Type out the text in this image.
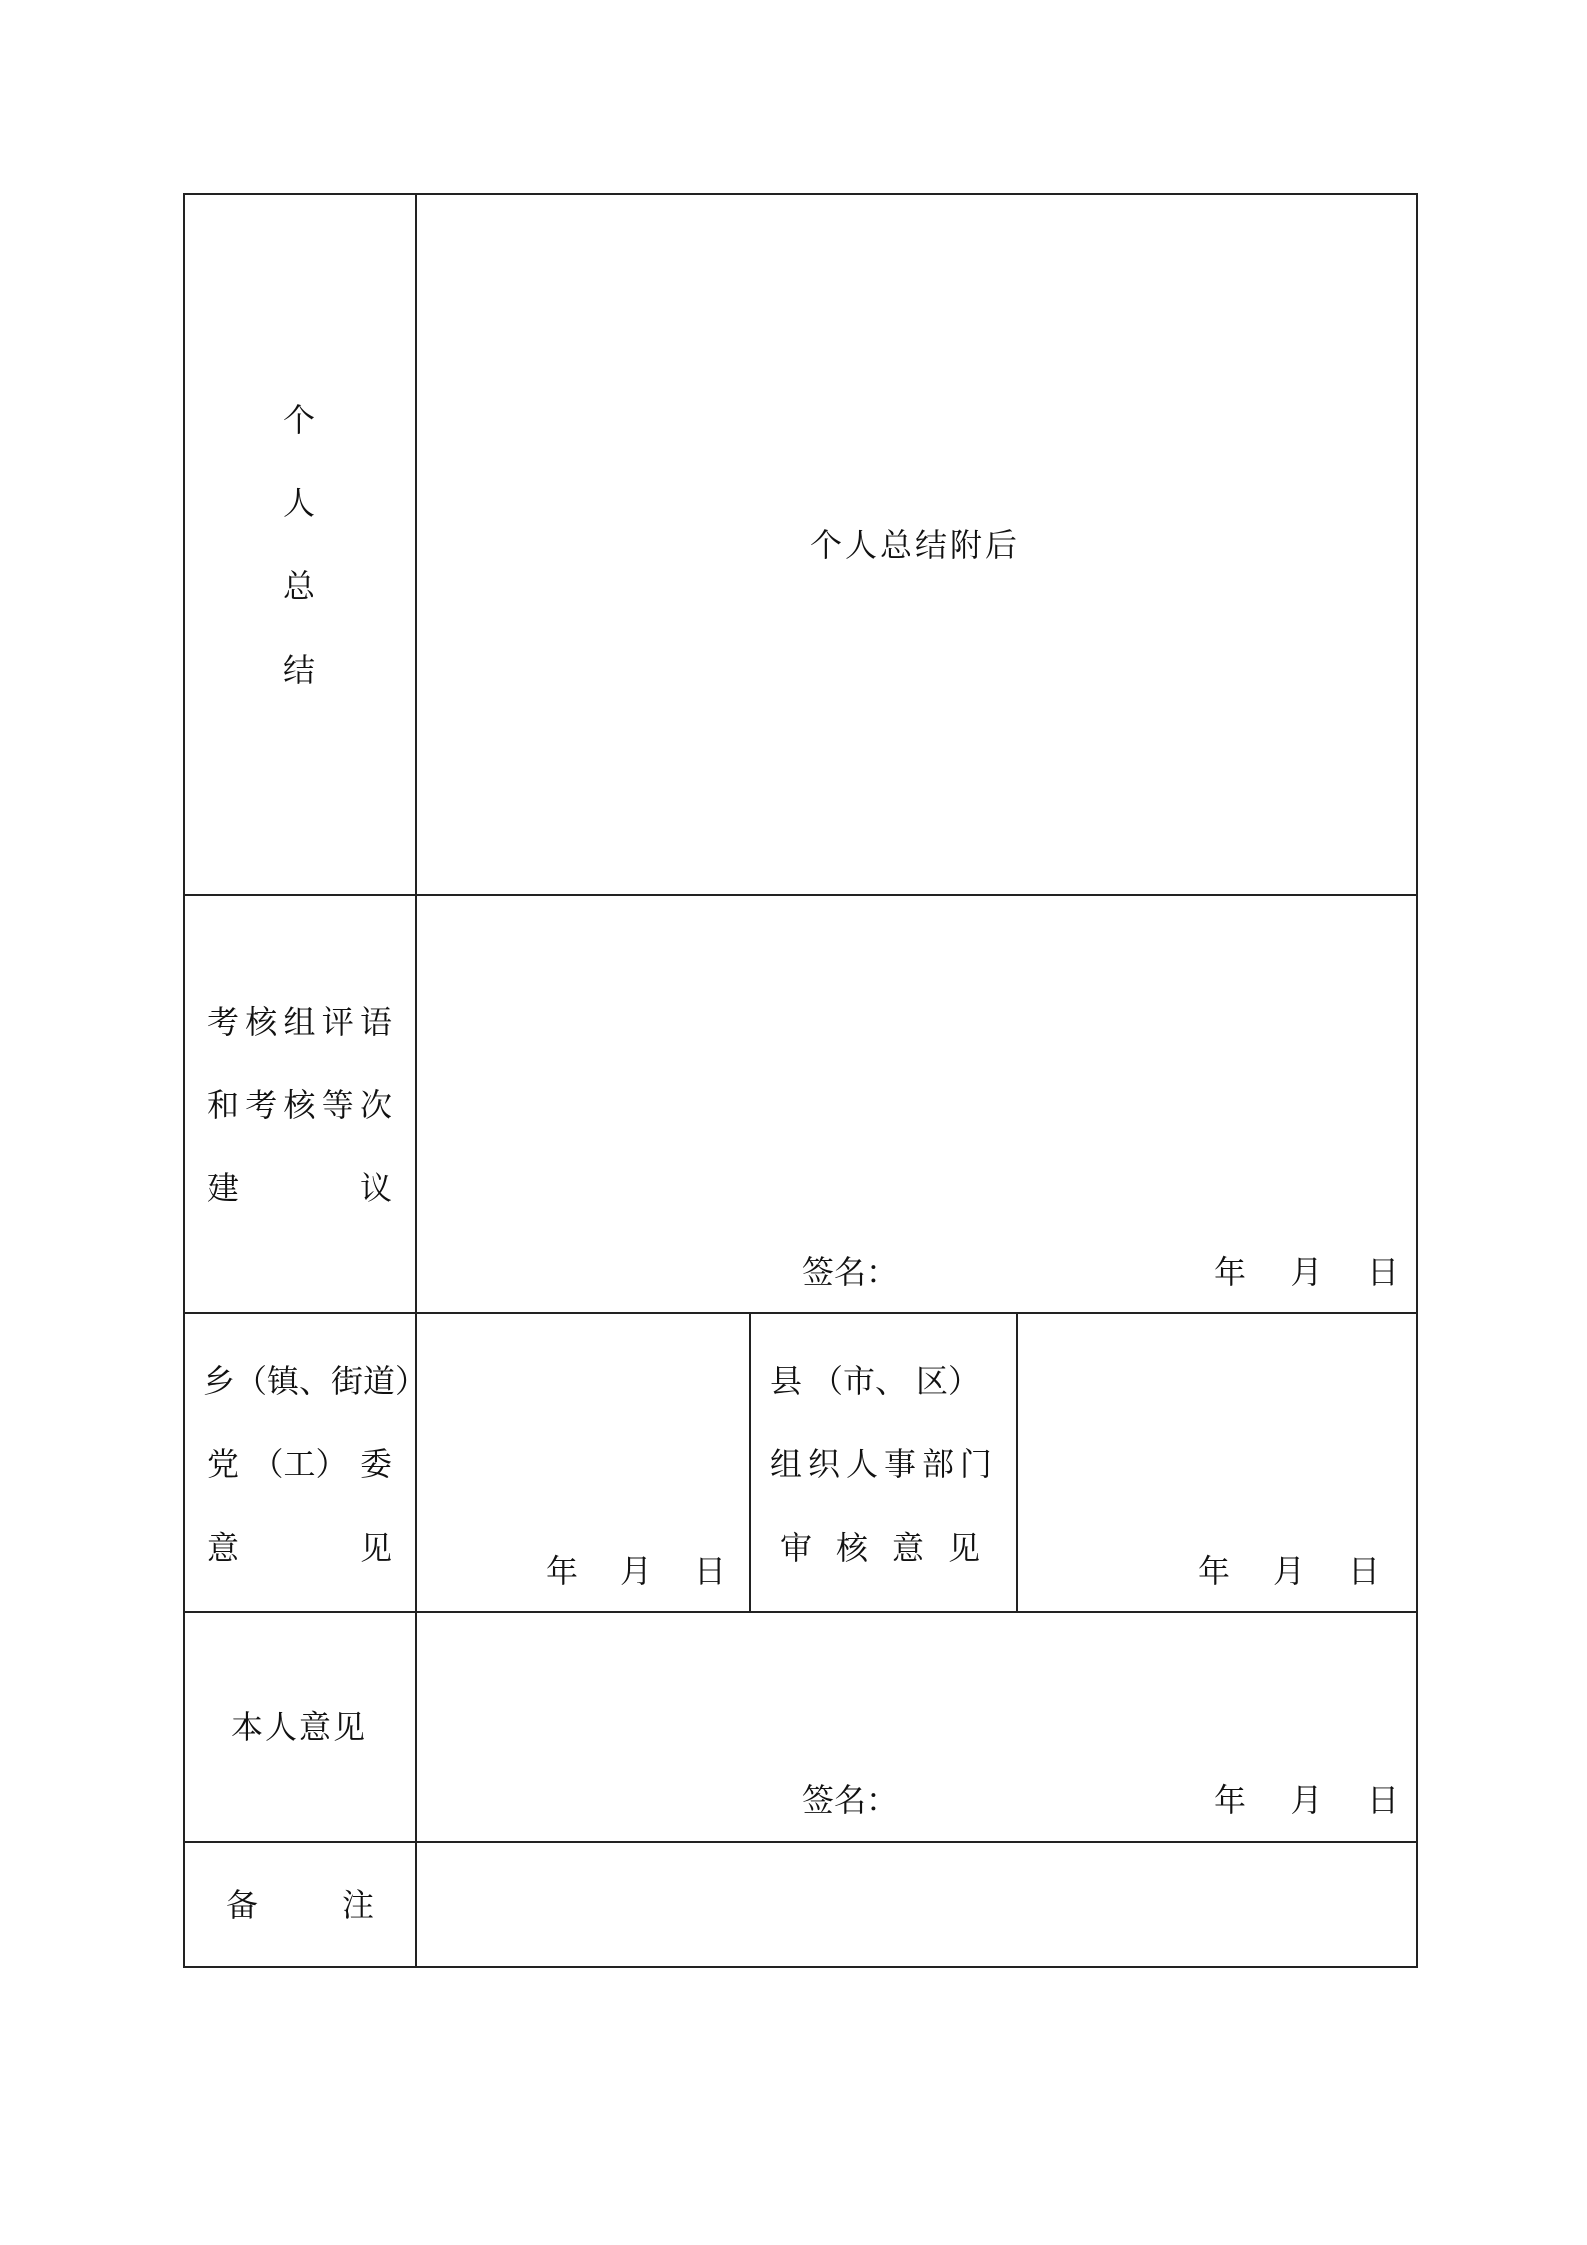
个
人
总
结
个人总结附后
考 核 组 评 语
和 考 核 等 次
建	议
签名：	年 月 日
乡 （镇、 街道）
党 （工） 委
意	见
年 月 日
县 （市、 区）
组 织 人 事 部 门
审 核 意 见
年 月 日
本人意见
签名：	年 月 日
备	注
